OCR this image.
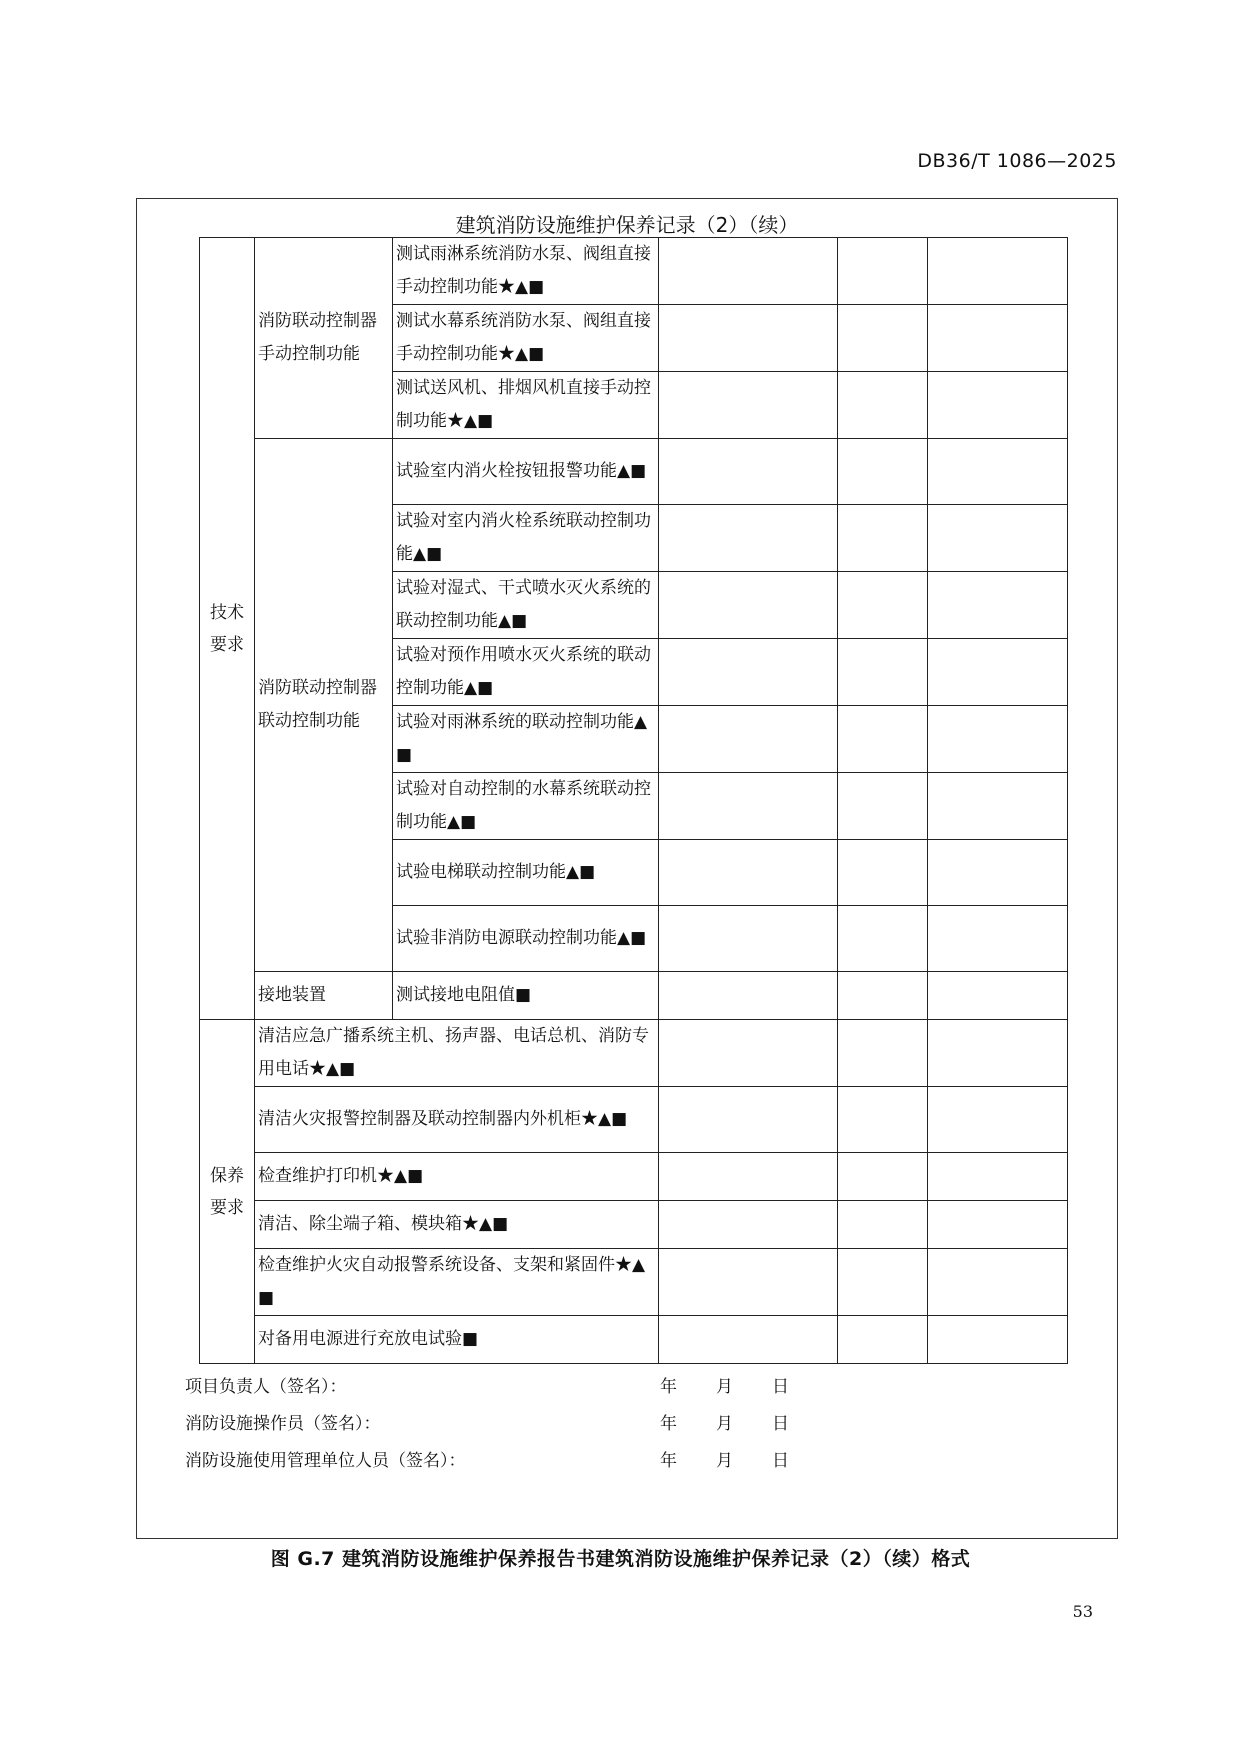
DB36/T 1086—2025
建筑消防设施维护保养记录（2）（续）
技术要求	消防联动控制器手动控制功能	测试雨淋系统消防水泵、阀组直接手动控制功能★▲■			
		测试水幕系统消防水泵、阀组直接手动控制功能★▲■			
		测试送风机、排烟风机直接手动控制功能★▲■			
	消防联动控制器联动控制功能	试验室内消火栓按钮报警功能▲■			
		试验对室内消火栓系统联动控制功能▲■			
		试验对湿式、干式喷水灭火系统的联动控制功能▲■			
		试验对预作用喷水灭火系统的联动控制功能▲■			
		试验对雨淋系统的联动控制功能▲■			
		试验对自动控制的水幕系统联动控制功能▲■			
		试验电梯联动控制功能▲■			
		试验非消防电源联动控制功能▲■			
	接地装置	测试接地电阻值■			

保养要求	清洁应急广播系统主机、扬声器、电话总机、消防专用电话★▲■				
	清洁火灾报警控制器及联动控制器内外机柜★▲■				
	检查维护打印机★▲■				
	清洁、除尘端子箱、模块箱★▲■				
	检查维护火灾自动报警系统设备、支架和紧固件★▲■				
	对备用电源进行充放电试验■				
项目负责人（签名）：	年 月 日
消防设施操作员（签名）：	年 月 日
消防设施使用管理单位人员（签名）：	年 月 日
图 G.7 建筑消防设施维护保养报告书建筑消防设施维护保养记录（2）（续）格式
53
